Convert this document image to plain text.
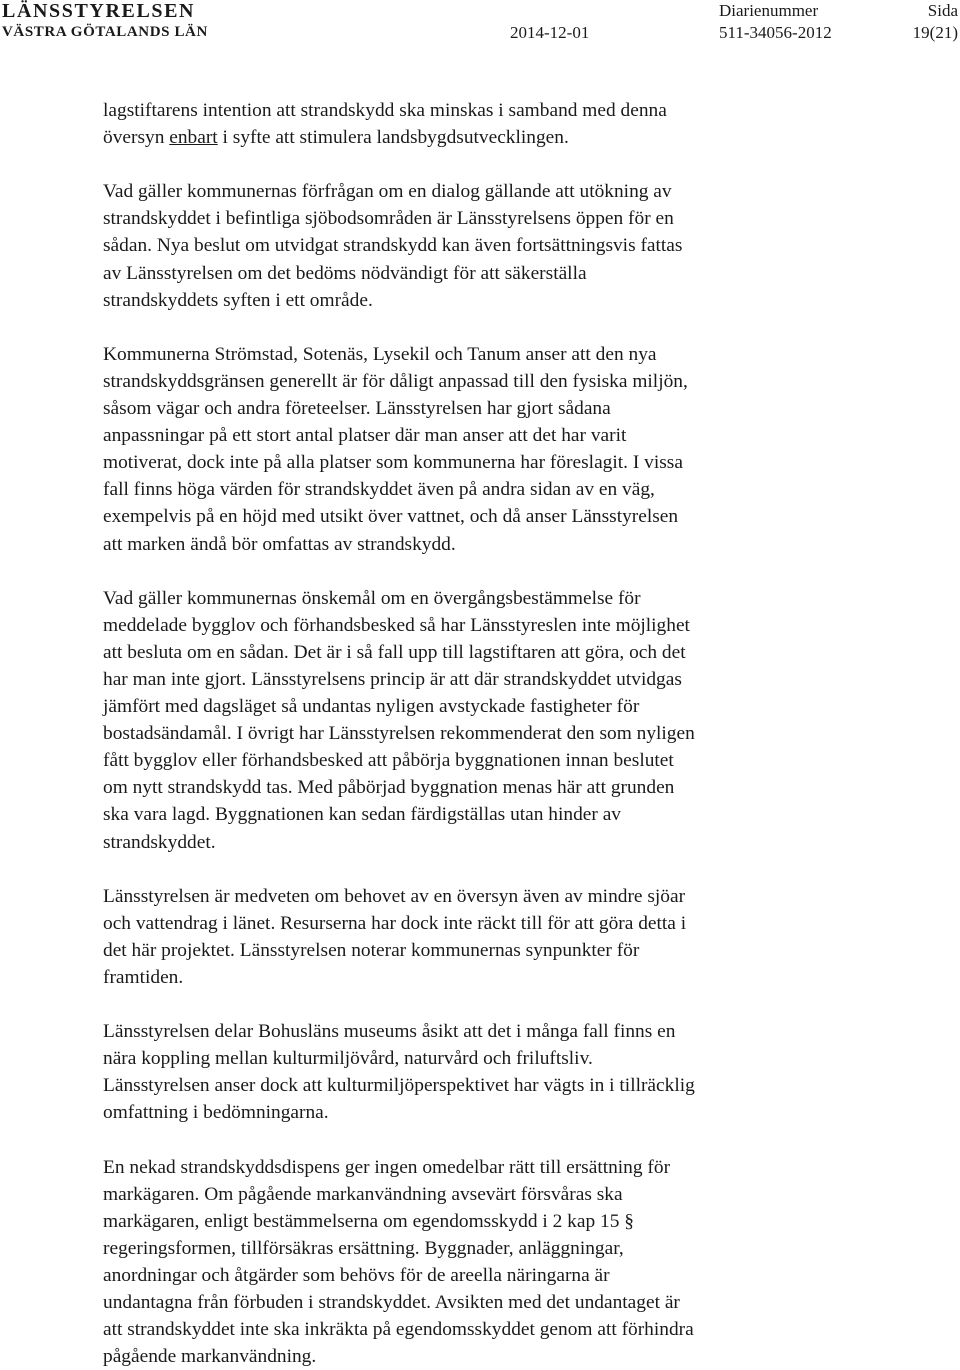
LÄNSSTYRELSEN
VÄSTRA GÖTALANDS LÄN	2014-12-01
Diarienummer
511-34056-2012
Sida
19(21)

lagstiftarens intention att strandskydd ska minskas i samband med denna
översyn enbart i syfte att stimulera landsbygdsutvecklingen.

Vad gäller kommunernas förfrågan om en dialog gällande att utökning av
strandskyddet i befintliga sjöbodsområden är Länsstyrelsens öppen för en
sådan. Nya beslut om utvidgat strandskydd kan även fortsättningsvis fattas
av Länsstyrelsen om det bedöms nödvändigt för att säkerställa
strandskyddets syften i ett område.

Kommunerna Strömstad, Sotenäs, Lysekil och Tanum anser att den nya
strandskyddsgränsen generellt är för dåligt anpassad till den fysiska miljön,
såsom vägar och andra företeelser. Länsstyrelsen har gjort sådana
anpassningar på ett stort antal platser där man anser att det har varit
motiverat, dock inte på alla platser som kommunerna har föreslagit. I vissa
fall finns höga värden för strandskyddet även på andra sidan av en väg,
exempelvis på en höjd med utsikt över vattnet, och då anser Länsstyrelsen
att marken ändå bör omfattas av strandskydd.

Vad gäller kommunernas önskemål om en övergångsbestämmelse för
meddelade bygglov och förhandsbesked så har Länsstyreslen inte möjlighet
att besluta om en sådan. Det är i så fall upp till lagstiftaren att göra, och det
har man inte gjort. Länsstyrelsens princip är att där strandskyddet utvidgas
jämfört med dagsläget så undantas nyligen avstyckade fastigheter för
bostadsändamål. I övrigt har Länsstyrelsen rekommenderat den som nyligen
fått bygglov eller förhandsbesked att påbörja byggnationen innan beslutet
om nytt strandskydd tas. Med påbörjad byggnation menas här att grunden
ska vara lagd. Byggnationen kan sedan färdigställas utan hinder av
strandskyddet.

Länsstyrelsen är medveten om behovet av en översyn även av mindre sjöar
och vattendrag i länet. Resurserna har dock inte räckt till för att göra detta i
det här projektet. Länsstyrelsen noterar kommunernas synpunkter för
framtiden.

Länsstyrelsen delar Bohusläns museums åsikt att det i många fall finns en
nära koppling mellan kulturmiljövård, naturvård och friluftsliv.
Länsstyrelsen anser dock att kulturmiljöperspektivet har vägts in i tillräcklig
omfattning i bedömningarna.

En nekad strandskyddsdispens ger ingen omedelbar rätt till ersättning för
markägaren. Om pågående markanvändning avsevärt försvåras ska
markägaren, enligt bestämmelserna om egendomsskydd i 2 kap 15 §
regeringsformen, tillförsäkras ersättning. Byggnader, anläggningar,
anordningar och åtgärder som behövs för de areella näringarna är
undantagna från förbuden i strandskyddet. Avsikten med det undantaget är
att strandskyddet inte ska inkräkta på egendomsskyddet genom att förhindra
pågående markanvändning.
